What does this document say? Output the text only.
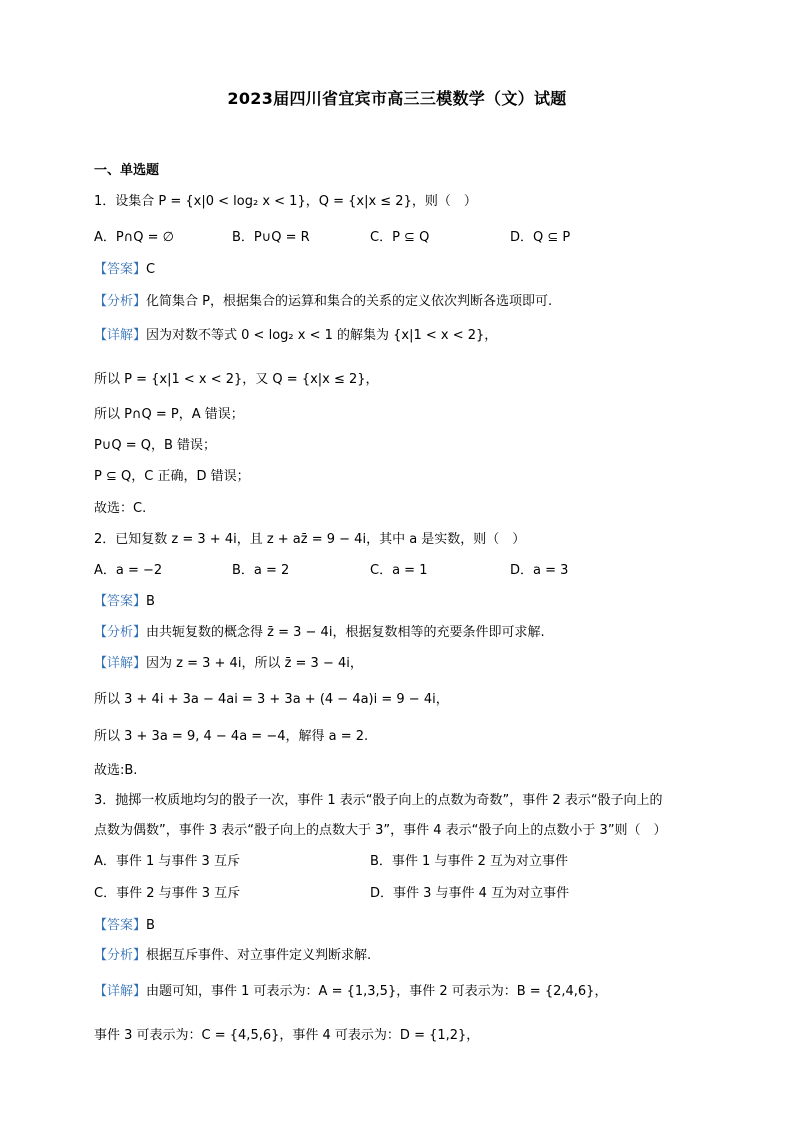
2023届四川省宜宾市高三三模数学（文）试题
一、单选题
1．设集合 P = {x|0 < log₂ x < 1}，Q = {x|x ≤ 2}，则（　）
A．P∩Q = ∅	B．P∪Q = R	C．P ⊆ Q	D．Q ⊆ P
【答案】C
【分析】化简集合 P，根据集合的运算和集合的关系的定义依次判断各选项即可.
【详解】因为对数不等式 0 < log₂ x < 1 的解集为 {x|1 < x < 2}，
所以 P = {x|1 < x < 2}，又 Q = {x|x ≤ 2}，
所以 P∩Q = P，A 错误；
P∪Q = Q，B 错误；
P ⊆ Q，C 正确，D 错误；
故选：C.
2．已知复数 z = 3 + 4i，且 z + az̄ = 9 − 4i，其中 a 是实数，则（　）
A．a = −2	B．a = 2	C．a = 1	D．a = 3
【答案】B
【分析】由共轭复数的概念得 z̄ = 3 − 4i，根据复数相等的充要条件即可求解.
【详解】因为 z = 3 + 4i，所以 z̄ = 3 − 4i，
所以 3 + 4i + 3a − 4ai = 3 + 3a + (4 − 4a)i = 9 − 4i，
所以 3 + 3a = 9, 4 − 4a = −4，解得 a = 2.
故选:B.
3．抛掷一枚质地均匀的骰子一次，事件 1 表示“骰子向上的点数为奇数”，事件 2 表示“骰子向上的
点数为偶数”，事件 3 表示“骰子向上的点数大于 3”，事件 4 表示“骰子向上的点数小于 3”则（　）
A．事件 1 与事件 3 互斥	B．事件 1 与事件 2 互为对立事件
C．事件 2 与事件 3 互斥	D．事件 3 与事件 4 互为对立事件
【答案】B
【分析】根据互斥事件、对立事件定义判断求解.
【详解】由题可知，事件 1 可表示为：A = {1,3,5}，事件 2 可表示为：B = {2,4,6}，
事件 3 可表示为：C = {4,5,6}，事件 4 可表示为：D = {1,2}，
